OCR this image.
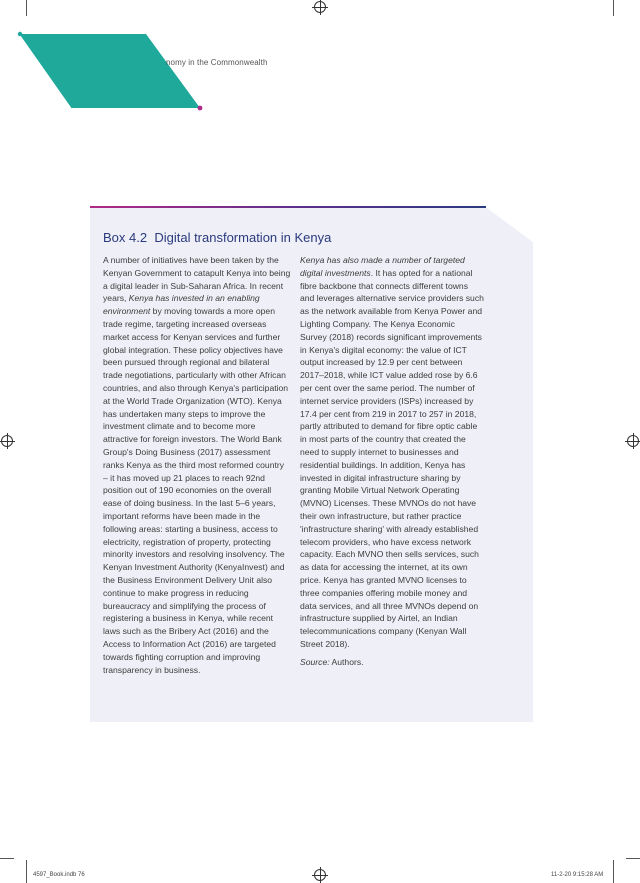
nomy in the Commonwealth
Box 4.2 Digital transformation in Kenya

A number of initiatives have been taken by the Kenyan Government to catapult Kenya into being a digital leader in Sub-Saharan Africa. In recent years, Kenya has invested in an enabling environment by moving towards a more open trade regime, targeting increased overseas market access for Kenyan services and further global integration. These policy objectives have been pursued through regional and bilateral trade negotiations, particularly with other African countries, and also through Kenya's participation at the World Trade Organization (WTO). Kenya has undertaken many steps to improve the investment climate and to become more attractive for foreign investors. The World Bank Group's Doing Business (2017) assessment ranks Kenya as the third most reformed country – it has moved up 21 places to reach 92nd position out of 190 economies on the overall ease of doing business. In the last 5–6 years, important reforms have been made in the following areas: starting a business, access to electricity, registration of property, protecting minority investors and resolving insolvency. The Kenyan Investment Authority (KenyaInvest) and the Business Environment Delivery Unit also continue to make progress in reducing bureaucracy and simplifying the process of registering a business in Kenya, while recent laws such as the Bribery Act (2016) and the Access to Information Act (2016) are targeted towards fighting corruption and improving transparency in business.

Kenya has also made a number of targeted digital investments. It has opted for a national fibre backbone that connects different towns and leverages alternative service providers such as the network available from Kenya Power and Lighting Company. The Kenya Economic Survey (2018) records significant improvements in Kenya's digital economy: the value of ICT output increased by 12.9 per cent between 2017–2018, while ICT value added rose by 6.6 per cent over the same period. The number of internet service providers (ISPs) increased by 17.4 per cent from 219 in 2017 to 257 in 2018, partly attributed to demand for fibre optic cable in most parts of the country that created the need to supply internet to businesses and residential buildings. In addition, Kenya has invested in digital infrastructure sharing by granting Mobile Virtual Network Operating (MVNO) Licenses. These MVNOs do not have their own infrastructure, but rather practice 'infrastructure sharing' with already established telecom providers, who have excess network capacity. Each MVNO then sells services, such as data for accessing the internet, at its own price. Kenya has granted MVNO licenses to three companies offering mobile money and data services, and all three MVNOs depend on infrastructure supplied by Airtel, an Indian telecommunications company (Kenyan Wall Street 2018).

Source: Authors.

4597_Book.indb 76	11-2-20 9:15:28 AM
